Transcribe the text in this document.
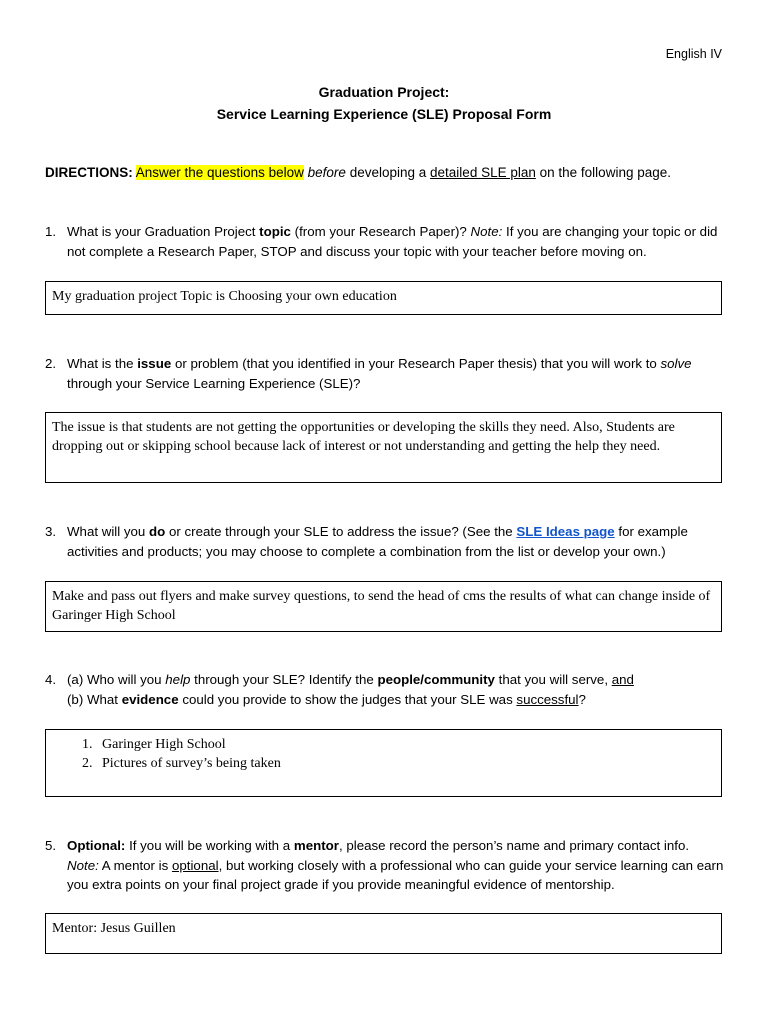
English IV
Graduation Project:
Service Learning Experience (SLE) Proposal Form
DIRECTIONS: Answer the questions below before developing a detailed SLE plan on the following page.
1. What is your Graduation Project topic (from your Research Paper)? Note: If you are changing your topic or did not complete a Research Paper, STOP and discuss your topic with your teacher before moving on.
My graduation project Topic is Choosing your own education
2. What is the issue or problem (that you identified in your Research Paper thesis) that you will work to solve through your Service Learning Experience (SLE)?
The issue is that students are not getting the opportunities or developing the skills they need. Also, Students are dropping out or skipping school because lack of interest or not understanding and getting the help they need.
3. What will you do or create through your SLE to address the issue? (See the SLE Ideas page for example activities and products; you may choose to complete a combination from the list or develop your own.)
Make and pass out flyers and make survey questions, to send the head of cms the results of what can change inside of Garinger High School
4. (a) Who will you help through your SLE? Identify the people/community that you will serve, and
(b) What evidence could you provide to show the judges that your SLE was successful?
1. Garinger High School
2. Pictures of survey’s being taken
5. Optional: If you will be working with a mentor, please record the person’s name and primary contact info.
Note: A mentor is optional, but working closely with a professional who can guide your service learning can earn you extra points on your final project grade if you provide meaningful evidence of mentorship.
Mentor: Jesus Guillen
